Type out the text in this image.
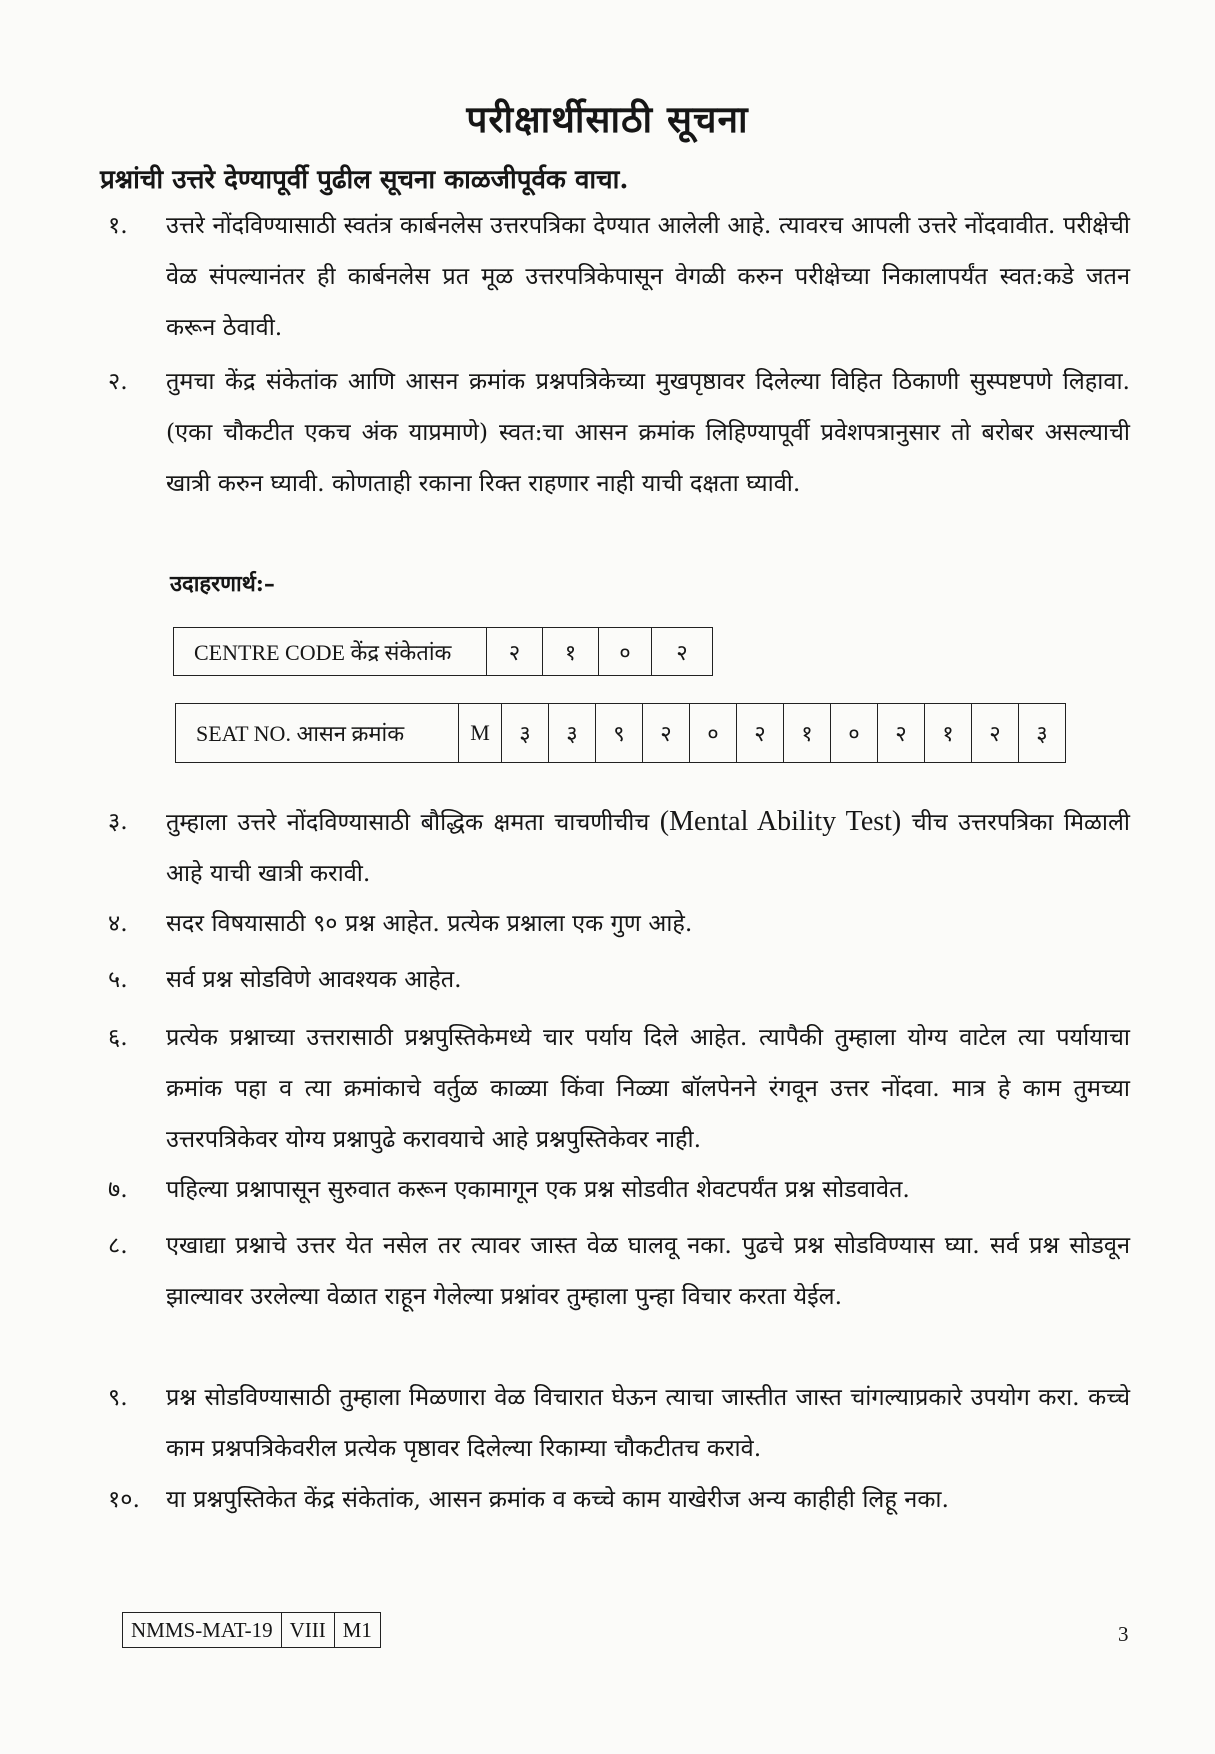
परीक्षार्थीसाठी सूचना
प्रश्नांची उत्तरे देण्यापूर्वी पुढील सूचना काळजीपूर्वक वाचा.
१.	उत्तरे नोंदविण्यासाठी स्वतंत्र कार्बनलेस उत्तरपत्रिका देण्यात आलेली आहे. त्यावरच आपली उत्तरे नोंदवावीत. परीक्षेची वेळ संपल्यानंतर ही कार्बनलेस प्रत मूळ उत्तरपत्रिकेपासून वेगळी करुन परीक्षेच्या निकालापर्यंत स्वत:कडे जतन करून ठेवावी.
२.	तुमचा केंद्र संकेतांक आणि आसन क्रमांक प्रश्नपत्रिकेच्या मुखपृष्ठावर दिलेल्या विहित ठिकाणी सुस्पष्टपणे लिहावा. (एका चौकटीत एकच अंक याप्रमाणे) स्वत:चा आसन क्रमांक लिहिण्यापूर्वी प्रवेशपत्रानुसार तो बरोबर असल्याची खात्री करुन घ्यावी. कोणताही रकाना रिक्त राहणार नाही याची दक्षता घ्यावी.
उदाहरणार्थ:–
CENTRE CODE केंद्र संकेतांक	२	१	०	२
SEAT NO. आसन क्रमांक	M	३	३	९	२	०	२	१	०	२	१	२	३
३.	तुम्हाला उत्तरे नोंदविण्यासाठी बौद्धिक क्षमता चाचणीचीच (Mental Ability Test) चीच उत्तरपत्रिका मिळाली आहे याची खात्री करावी.
४.	सदर विषयासाठी ९० प्रश्न आहेत. प्रत्येक प्रश्नाला एक गुण आहे.
५.	सर्व प्रश्न सोडविणे आवश्यक आहेत.
६.	प्रत्येक प्रश्नाच्या उत्तरासाठी प्रश्नपुस्तिकेमध्ये चार पर्याय दिले आहेत. त्यापैकी तुम्हाला योग्य वाटेल त्या पर्यायाचा क्रमांक पहा व त्या क्रमांकाचे वर्तुळ काळ्या किंवा निळ्या बॉलपेनने रंगवून उत्तर नोंदवा. मात्र हे काम तुमच्या उत्तरपत्रिकेवर योग्य प्रश्नापुढे करावयाचे आहे प्रश्नपुस्तिकेवर नाही.
७.	पहिल्या प्रश्नापासून सुरुवात करून एकामागून एक प्रश्न सोडवीत शेवटपर्यंत प्रश्न सोडवावेत.
८.	एखाद्या प्रश्नाचे उत्तर येत नसेल तर त्यावर जास्त वेळ घालवू नका. पुढचे प्रश्न सोडविण्यास घ्या. सर्व प्रश्न सोडवून झाल्यावर उरलेल्या वेळात राहून गेलेल्या प्रश्नांवर तुम्हाला पुन्हा विचार करता येईल.
९.	प्रश्न सोडविण्यासाठी तुम्हाला मिळणारा वेळ विचारात घेऊन त्याचा जास्तीत जास्त चांगल्याप्रकारे उपयोग करा. कच्चे काम प्रश्नपत्रिकेवरील प्रत्येक पृष्ठावर दिलेल्या रिकाम्या चौकटीतच करावे.
१०.	या प्रश्नपुस्तिकेत केंद्र संकेतांक, आसन क्रमांक व कच्चे काम याखेरीज अन्य काहीही लिहू नका.
NMMS-MAT-19	VIII	M1	3
